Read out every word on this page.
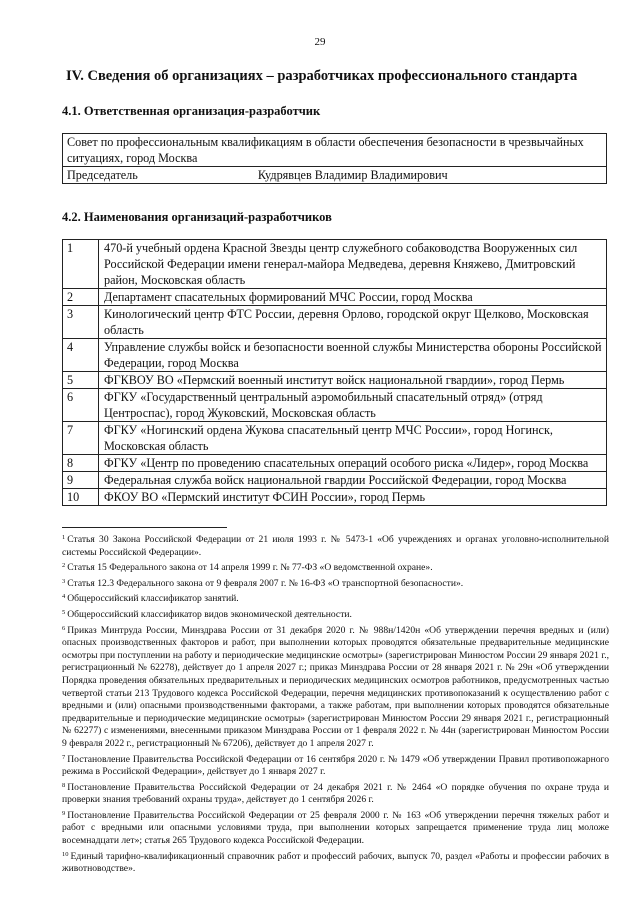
29
IV. Сведения об организациях – разработчиках профессионального стандарта
4.1. Ответственная организация-разработчик
Совет по профессиональным квалификациям в области обеспечения безопасности в чрезвычайных ситуациях, город Москва
Председатель	Кудрявцев Владимир Владимирович
4.2. Наименования организаций-разработчиков
1	470-й учебный ордена Красной Звезды центр служебного собаководства Вооруженных сил Российской Федерации имени генерал-майора Медведева, деревня Княжево, Дмитровский район, Московская область
2	Департамент спасательных формирований МЧС России, город Москва
3	Кинологический центр ФТС России, деревня Орлово, городской округ Щелково, Московская область
4	Управление службы войск и безопасности военной службы Министерства обороны Российской Федерации, город Москва
5	ФГКВОУ ВО «Пермский военный институт войск национальной гвардии», город Пермь
6	ФГКУ «Государственный центральный аэромобильный спасательный отряд» (отряд Центроспас), город Жуковский, Московская область
7	ФГКУ «Ногинский ордена Жукова спасательный центр МЧС России», город Ногинск, Московская область
8	ФГКУ «Центр по проведению спасательных операций особого риска «Лидер», город Москва
9	Федеральная служба войск национальной гвардии Российской Федерации, город Москва
10	ФКОУ ВО «Пермский институт ФСИН России», город Пермь
$^1$ Статья 30 Закона Российской Федерации от 21 июля 1993 г. № 5473-1 «Об учреждениях и органах уголовно-исполнительной системы Российской Федерации».
$^2$ Статья 15 Федерального закона от 14 апреля 1999 г. № 77-ФЗ «О ведомственной охране».
$^3$ Статья 12.3 Федерального закона от 9 февраля 2007 г. № 16-ФЗ «О транспортной безопасности».
$^4$ Общероссийский классификатор занятий.
$^5$ Общероссийский классификатор видов экономической деятельности.
$^6$ Приказ Минтруда России, Минздрава России от 31 декабря 2020 г. № 988н/1420н «Об утверждении перечня вредных и (или) опасных производственных факторов и работ, при выполнении которых проводятся обязательные предварительные медицинские осмотры при поступлении на работу и периодические медицинские осмотры» (зарегистрирован Минюстом России 29 января 2021 г., регистрационный № 62278), действует до 1 апреля 2027 г.; приказ Минздрава России от 28 января 2021 г. № 29н «Об утверждении Порядка проведения обязательных предварительных и периодических медицинских осмотров работников, предусмотренных частью четвертой статьи 213 Трудового кодекса Российской Федерации, перечня медицинских противопоказаний к осуществлению работ с вредными и (или) опасными производственными факторами, а также работам, при выполнении которых проводятся обязательные предварительные и периодические медицинские осмотры» (зарегистрирован Минюстом России 29 января 2021 г., регистрационный № 62277) с изменениями, внесенными приказом Минздрава России от 1 февраля 2022 г. № 44н (зарегистрирован Минюстом России 9 февраля 2022 г., регистрационный № 67206), действует до 1 апреля 2027 г.
$^7$ Постановление Правительства Российской Федерации от 16 сентября 2020 г. № 1479 «Об утверждении Правил противопожарного режима в Российской Федерации», действует до 1 января 2027 г.
$^8$ Постановление Правительства Российской Федерации от 24 декабря 2021 г. № 2464 «О порядке обучения по охране труда и проверки знания требований охраны труда», действует до 1 сентября 2026 г.
$^9$ Постановление Правительства Российской Федерации от 25 февраля 2000 г. № 163 «Об утверждении перечня тяжелых работ и работ с вредными или опасными условиями труда, при выполнении которых запрещается применение труда лиц моложе восемнадцати лет»; статья 265 Трудового кодекса Российской Федерации.
$^{10}$ Единый тарифно-квалификационный справочник работ и профессий рабочих, выпуск 70, раздел «Работы и профессии рабочих в животноводстве».
